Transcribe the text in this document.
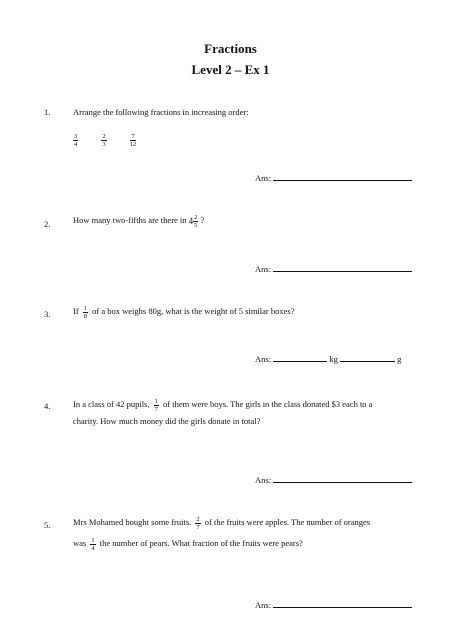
Fractions
Level 2 – Ex 1
1.	Arrange the following fractions in increasing order:
$\frac{3}{4}$
	$\frac{2}{3}$
	$\frac{7}{12}$
Ans:
2.	How many two-fifths are there in $4 \frac{2}{5}$ ?
Ans:
3.	If $\frac{1}{8}$ of a box weighs 80g, what is the weight of 5 similar boxes?
Ans:	kg	g
4.	In a class of 42 pupils, $\frac{1}{7}$ of them were boys. The girls in the class donated $3 each to a
charity. How much money did the girls donate in total?
Ans:
5.	Mrs Mohamed bought some fruits. $\frac{2}{7}$ of the fruits were apples. The number of oranges
was $\frac{1}{4}$ the number of pears. What fraction of the fruits were pears?
Ans:
